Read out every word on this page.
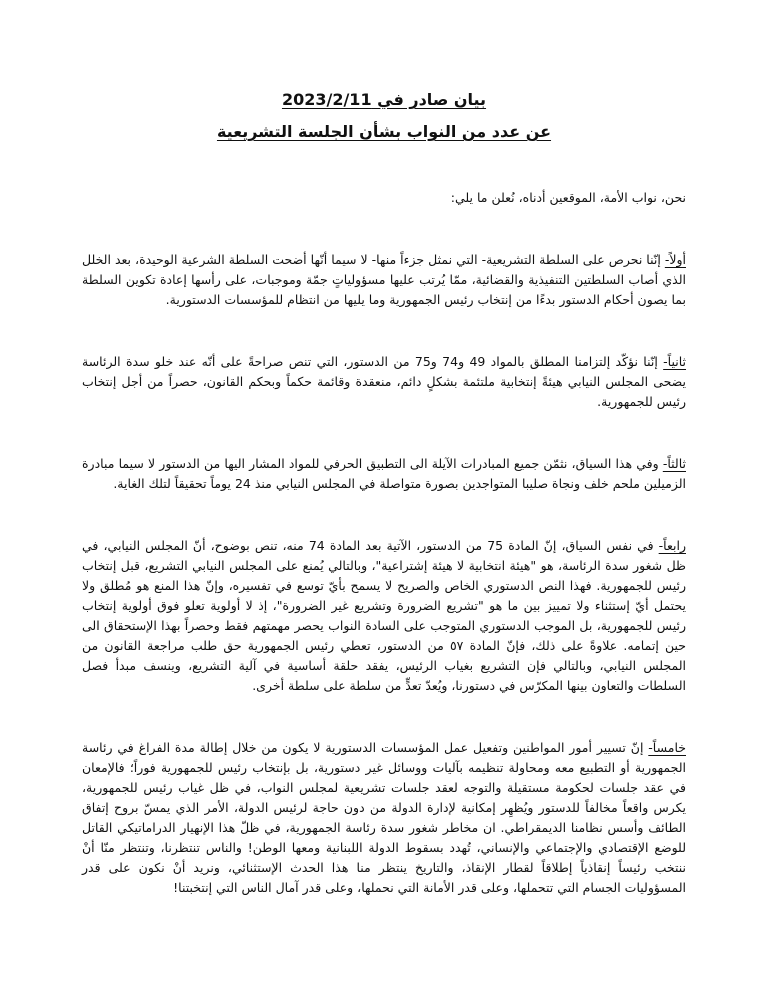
بيان صادر في 2023/2/11

عن عدد من النواب بشأن الجلسة التشريعية

نحن، نواب الأمة، الموقعين أدناه، نُعلن ما يلي:

أولاً- إنّنا نحرص على السلطة التشريعية- التي نمثل جزءاً منها- لا سيما أنّها أضحت السلطة الشرعية الوحيدة، بعد الخلل الذي أصاب السلطتين التنفيذية والقضائية، ممّا يُرتب عليها مسؤولياتٍ جمّة وموجبات، على رأسها إعادة تكوين السلطة بما يصون أحكام الدستور بدءًا من إنتخاب رئيس الجمهورية وما يليها من انتظام للمؤسسات الدستورية.

ثانياً- إنّنا نؤكّد إلتزامنا المطلق بالمواد 49 و74 و75 من الدستور، التي تنص صراحةً على أنّه عند خلو سدة الرئاسة يضحى المجلس النيابي هيئةً إنتخابية ملتئمة بشكلٍ دائم، منعقدة وقائمة حكماً وبحكم القانون، حصراً من أجل إنتخاب رئيس للجمهورية.

ثالثاً- وفي هذا السياق، نثمّن جميع المبادرات الآيلة الى التطبيق الحرفي للمواد المشار اليها من الدستور لا سيما مبادرة الزميلين ملحم خلف ونجاة صليبا المتواجدين بصورة متواصلة في المجلس النيابي منذ 24 يوماً تحقيقاً لتلك الغاية.

رابعاً- في نفس السياق، إنّ المادة 75 من الدستور، الآتية بعد المادة 74 منه، تنص بوضوح، أنّ المجلس النيابي، في ظل شغور سدة الرئاسة، هو "هيئة انتخابية لا هيئة إشتراعية"، وبالتالي يُمنع على المجلس النيابي التشريع، قبل إنتخاب رئيس للجمهورية. فهذا النص الدستوري الخاص والصريح لا يسمح بأيّ توسع في تفسيره، وإنّ هذا المنع هو مُطلق ولا يحتمل أيّ إستثناء ولا تمييز بين ما هو "تشريع الضرورة وتشريع غير الضرورة"، إذ لا أولوية تعلو فوق أولوية إنتخاب رئيس للجمهورية، بل الموجب الدستوري المتوجب على السادة النواب يحصر مهمتهم فقط وحصراً بهذا الإستحقاق الى حين إتمامه. علاوةً على ذلك، فإنّ المادة ٥٧ من الدستور، تعطي رئيس الجمهورية حق طلب مراجعة القانون من المجلس النيابي، وبالتالي فإن التشريع بغياب الرئيس، يفقد حلقة أساسية في آلية التشريع، وينسف مبدأ فصل السلطات والتعاون بينها المكرّس في دستورنا، ويُعدّ تعدٍّ من سلطة على سلطة أخرى.

خامساً- إنّ تسيير أمور المواطنين وتفعيل عمل المؤسسات الدستورية لا يكون من خلال إطالة مدة الفراغ في رئاسة الجمهورية أو التطبيع معه ومحاولة تنظيمه بآليات ووسائل غير دستورية، بل بإنتخاب رئيس للجمهورية فوراً؛ فالإمعان في عقد جلسات لحكومة مستقيلة والتوجه لعقد جلسات تشريعية لمجلس النواب، في ظل غياب رئيس للجمهورية، يكرس واقعاً مخالفاً للدستور ويُظهِر إمكانية لإدارة الدولة من دون حاجة لرئيس الدولة، الأمر الذي يمسّ بروح إتفاق الطائف وأسس نظامنا الديمقراطي. ان مخاطر شغور سدة رئاسة الجمهورية، في ظلّ هذا الإنهيار الدراماتيكي القاتل للوضع الإقتصادي والإجتماعي والإنساني، تُهدد بسقوط الدولة اللبنانية ومعها الوطن! والناس تنتظرنا، وتنتظر منّا أنْ ننتخب رئيساً إنقاذياً إطلاقاً لقطار الإنقاذ، والتاريخ ينتظر منا هذا الحدث الإستثنائي، ونريد أنْ نكون على قدر المسؤوليات الجسام التي تتحملها، وعلى قدر الأمانة التي نحملها، وعلى قدر آمال الناس التي إنتخبتنا!
